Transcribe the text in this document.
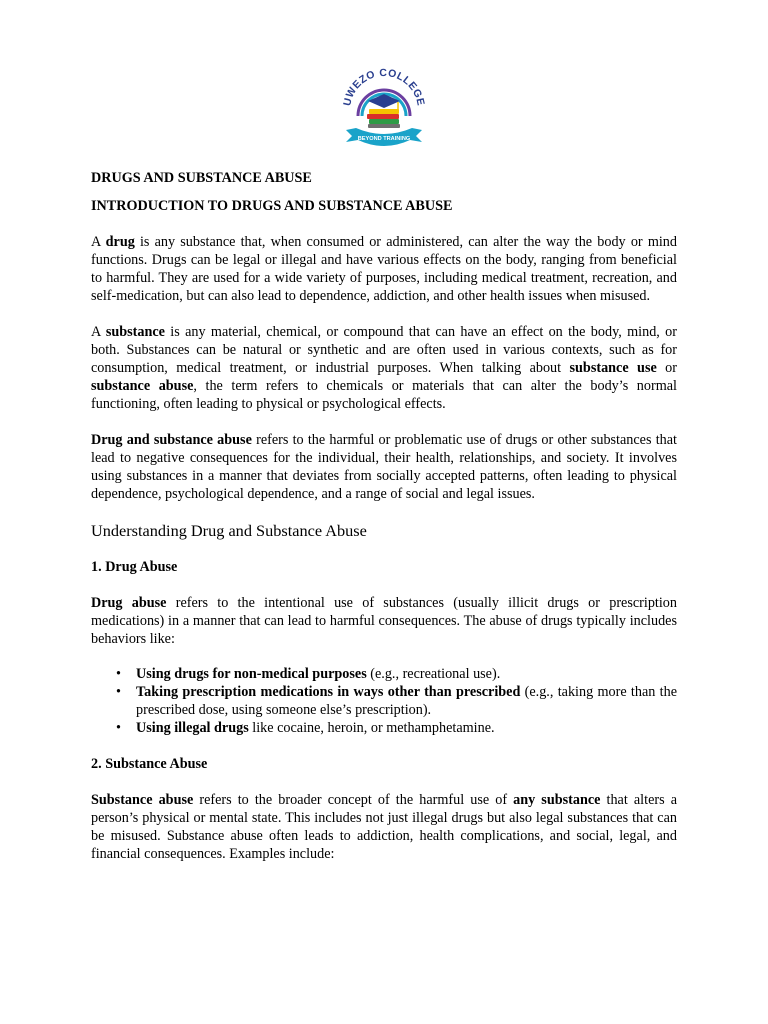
UWEZO COLLEGE
BEYOND TRAINING
DRUGS AND SUBSTANCE ABUSE
INTRODUCTION TO DRUGS AND SUBSTANCE ABUSE

A drug is any substance that, when consumed or administered, can alter the way the body or mind functions. Drugs can be legal or illegal and have various effects on the body, ranging from beneficial to harmful. They are used for a wide variety of purposes, including medical treatment, recreation, and self-medication, but can also lead to dependence, addiction, and other health issues when misused.

A substance is any material, chemical, or compound that can have an effect on the body, mind, or both. Substances can be natural or synthetic and are often used in various contexts, such as for consumption, medical treatment, or industrial purposes. When talking about substance use or substance abuse, the term refers to chemicals or materials that can alter the body’s normal functioning, often leading to physical or psychological effects.

Drug and substance abuse refers to the harmful or problematic use of drugs or other substances that lead to negative consequences for the individual, their health, relationships, and society. It involves using substances in a manner that deviates from socially accepted patterns, often leading to physical dependence, psychological dependence, and a range of social and legal issues.

Understanding Drug and Substance Abuse
1. Drug Abuse

Drug abuse refers to the intentional use of substances (usually illicit drugs or prescription medications) in a manner that can lead to harmful consequences. The abuse of drugs typically includes behaviors like:

• Using drugs for non-medical purposes (e.g., recreational use).
• Taking prescription medications in ways other than prescribed (e.g., taking more than the prescribed dose, using someone else’s prescription).
• Using illegal drugs like cocaine, heroin, or methamphetamine.
2. Substance Abuse

Substance abuse refers to the broader concept of the harmful use of any substance that alters a person’s physical or mental state. This includes not just illegal drugs but also legal substances that can be misused. Substance abuse often leads to addiction, health complications, and social, legal, and financial consequences. Examples include:
